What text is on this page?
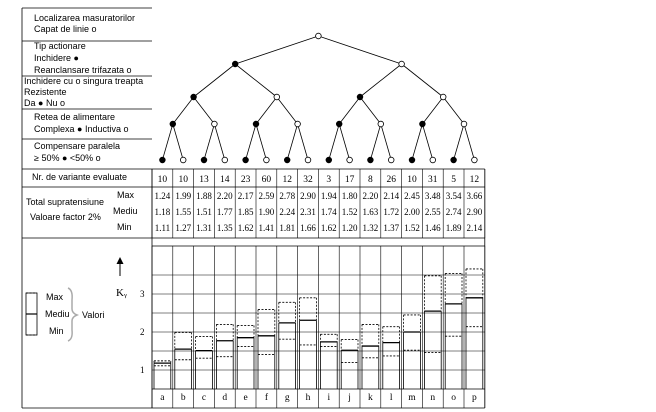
Localizarea masuratorilor
Capat de linie o
Tip actionare
Inchidere ●
Reanclansare trifazata o
Inchidere cu o singura treapta
Rezistente
Da ● Nu o
Retea de alimentare
Complexa ● Inductiva o
Compensare paralela
≥ 50% ● <50% o
Nr. de variante evaluate
Total supratensiune
Valoare factor 2%
Max
Mediu
Min
Max
Mediu
Min
Valori
Kᵧ
1
2
3
10 10 13 14 23 60 12 32 3 17 8 26 10 31 5 12
1.24 1.99 1.88 2.20 2.17 2.59 2.78 2.90 1.94 1.80 2.20 2.14 2.45 3.48 3.54 3.66
1.18 1.55 1.51 1.77 1.85 1.90 2.24 2.31 1.74 1.52 1.63 1.72 2.00 2.55 2.74 2.90
1.11 1.27 1.31 1.35 1.62 1.41 1.81 1.66 1.62 1.20 1.32 1.37 1.52 1.46 1.89 2.14
a b c d e f g h i j k l m n o p
